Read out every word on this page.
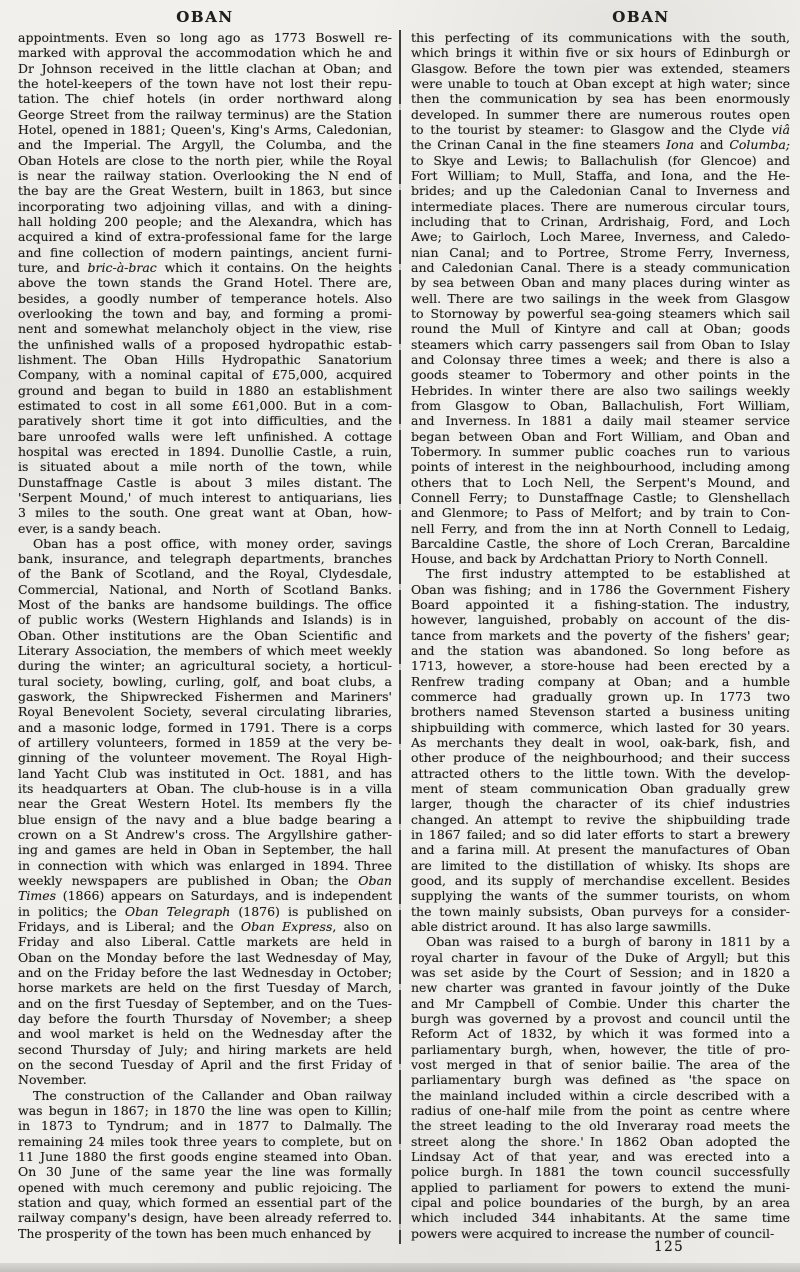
OBAN	OBAN
appointments. Even so long ago as 1773 Boswell re-
marked with approval the accommodation which he and
Dr Johnson received in the little clachan at Oban; and
the hotel-keepers of the town have not lost their repu-
tation. The chief hotels (in order northward along
George Street from the railway terminus) are the Station
Hotel, opened in 1881; Queen's, King's Arms, Caledonian,
and the Imperial. The Argyll, the Columba, and the
Oban Hotels are close to the north pier, while the Royal
is near the railway station. Overlooking the N end of
the bay are the Great Western, built in 1863, but since
incorporating two adjoining villas, and with a dining-
hall holding 200 people; and the Alexandra, which has
acquired a kind of extra-professional fame for the large
and fine collection of modern paintings, ancient furni-
ture, and bric-à-brac which it contains. On the heights
above the town stands the Grand Hotel. There are,
besides, a goodly number of temperance hotels. Also
overlooking the town and bay, and forming a promi-
nent and somewhat melancholy object in the view, rise
the unfinished walls of a proposed hydropathic estab-
lishment. The Oban Hills Hydropathic Sanatorium
Company, with a nominal capital of £75,000, acquired
ground and began to build in 1880 an establishment
estimated to cost in all some £61,000. But in a com-
paratively short time it got into difficulties, and the
bare unroofed walls were left unfinished. A cottage
hospital was erected in 1894. Dunollie Castle, a ruin,
is situated about a mile north of the town, while
Dunstaffnage Castle is about 3 miles distant. The
'Serpent Mound,' of much interest to antiquarians, lies
3 miles to the south. One great want at Oban, how-
ever, is a sandy beach.
Oban has a post office, with money order, savings
bank, insurance, and telegraph departments, branches
of the Bank of Scotland, and the Royal, Clydesdale,
Commercial, National, and North of Scotland Banks.
Most of the banks are handsome buildings. The office
of public works (Western Highlands and Islands) is in
Oban. Other institutions are the Oban Scientific and
Literary Association, the members of which meet weekly
during the winter; an agricultural society, a horticul-
tural society, bowling, curling, golf, and boat clubs, a
gaswork, the Shipwrecked Fishermen and Mariners'
Royal Benevolent Society, several circulating libraries,
and a masonic lodge, formed in 1791. There is a corps
of artillery volunteers, formed in 1859 at the very be-
ginning of the volunteer movement. The Royal High-
land Yacht Club was instituted in Oct. 1881, and has
its headquarters at Oban. The club-house is in a villa
near the Great Western Hotel. Its members fly the
blue ensign of the navy and a blue badge bearing a
crown on a St Andrew's cross. The Argyllshire gather-
ing and games are held in Oban in September, the hall
in connection with which was enlarged in 1894. Three
weekly newspapers are published in Oban; the Oban
Times (1866) appears on Saturdays, and is independent
in politics; the Oban Telegraph (1876) is published on
Fridays, and is Liberal; and the Oban Express, also on
Friday and also Liberal. Cattle markets are held in
Oban on the Monday before the last Wednesday of May,
and on the Friday before the last Wednesday in October;
horse markets are held on the first Tuesday of March,
and on the first Tuesday of September, and on the Tues-
day before the fourth Thursday of November; a sheep
and wool market is held on the Wednesday after the
second Thursday of July; and hiring markets are held
on the second Tuesday of April and the first Friday of
November.
The construction of the Callander and Oban railway
was begun in 1867; in 1870 the line was open to Killin;
in 1873 to Tyndrum; and in 1877 to Dalmally. The
remaining 24 miles took three years to complete, but on
11 June 1880 the first goods engine steamed into Oban.
On 30 June of the same year the line was formally
opened with much ceremony and public rejoicing. The
station and quay, which formed an essential part of the
railway company's design, have been already referred to.
The prosperity of the town has been much enhanced by
this perfecting of its communications with the south,
which brings it within five or six hours of Edinburgh or
Glasgow. Before the town pier was extended, steamers
were unable to touch at Oban except at high water; since
then the communication by sea has been enormously
developed. In summer there are numerous routes open
to the tourist by steamer: to Glasgow and the Clyde viâ
the Crinan Canal in the fine steamers Iona and Columba;
to Skye and Lewis; to Ballachulish (for Glencoe) and
Fort William; to Mull, Staffa, and Iona, and the He-
brides; and up the Caledonian Canal to Inverness and
intermediate places. There are numerous circular tours,
including that to Crinan, Ardrishaig, Ford, and Loch
Awe; to Gairloch, Loch Maree, Inverness, and Caledo-
nian Canal; and to Portree, Strome Ferry, Inverness,
and Caledonian Canal. There is a steady communication
by sea between Oban and many places during winter as
well. There are two sailings in the week from Glasgow
to Stornoway by powerful sea-going steamers which sail
round the Mull of Kintyre and call at Oban; goods
steamers which carry passengers sail from Oban to Islay
and Colonsay three times a week; and there is also a
goods steamer to Tobermory and other points in the
Hebrides. In winter there are also two sailings weekly
from Glasgow to Oban, Ballachulish, Fort William,
and Inverness. In 1881 a daily mail steamer service
began between Oban and Fort William, and Oban and
Tobermory. In summer public coaches run to various
points of interest in the neighbourhood, including among
others that to Loch Nell, the Serpent's Mound, and
Connell Ferry; to Dunstaffnage Castle; to Glenshellach
and Glenmore; to Pass of Melfort; and by train to Con-
nell Ferry, and from the inn at North Connell to Ledaig,
Barcaldine Castle, the shore of Loch Creran, Barcaldine
House, and back by Ardchattan Priory to North Connell.
The first industry attempted to be established at
Oban was fishing; and in 1786 the Government Fishery
Board appointed it a fishing-station. The industry,
however, languished, probably on account of the dis-
tance from markets and the poverty of the fishers' gear;
and the station was abandoned. So long before as
1713, however, a store-house had been erected by a
Renfrew trading company at Oban; and a humble
commerce had gradually grown up. In 1773 two
brothers named Stevenson started a business uniting
shipbuilding with commerce, which lasted for 30 years.
As merchants they dealt in wool, oak-bark, fish, and
other produce of the neighbourhood; and their success
attracted others to the little town. With the develop-
ment of steam communication Oban gradually grew
larger, though the character of its chief industries
changed. An attempt to revive the shipbuilding trade
in 1867 failed; and so did later efforts to start a brewery
and a farina mill. At present the manufactures of Oban
are limited to the distillation of whisky. Its shops are
good, and its supply of merchandise excellent. Besides
supplying the wants of the summer tourists, on whom
the town mainly subsists, Oban purveys for a consider-
able district around. It has also large sawmills.
Oban was raised to a burgh of barony in 1811 by a
royal charter in favour of the Duke of Argyll; but this
was set aside by the Court of Session; and in 1820 a
new charter was granted in favour jointly of the Duke
and Mr Campbell of Combie. Under this charter the
burgh was governed by a provost and council until the
Reform Act of 1832, by which it was formed into a
parliamentary burgh, when, however, the title of pro-
vost merged in that of senior bailie. The area of the
parliamentary burgh was defined as 'the space on
the mainland included within a circle described with a
radius of one-half mile from the point as centre where
the street leading to the old Inveraray road meets the
street along the shore.' In 1862 Oban adopted the
Lindsay Act of that year, and was erected into a
police burgh. In 1881 the town council successfully
applied to parliament for powers to extend the muni-
cipal and police boundaries of the burgh, by an area
which included 344 inhabitants. At the same time
powers were acquired to increase the number of council-
125
